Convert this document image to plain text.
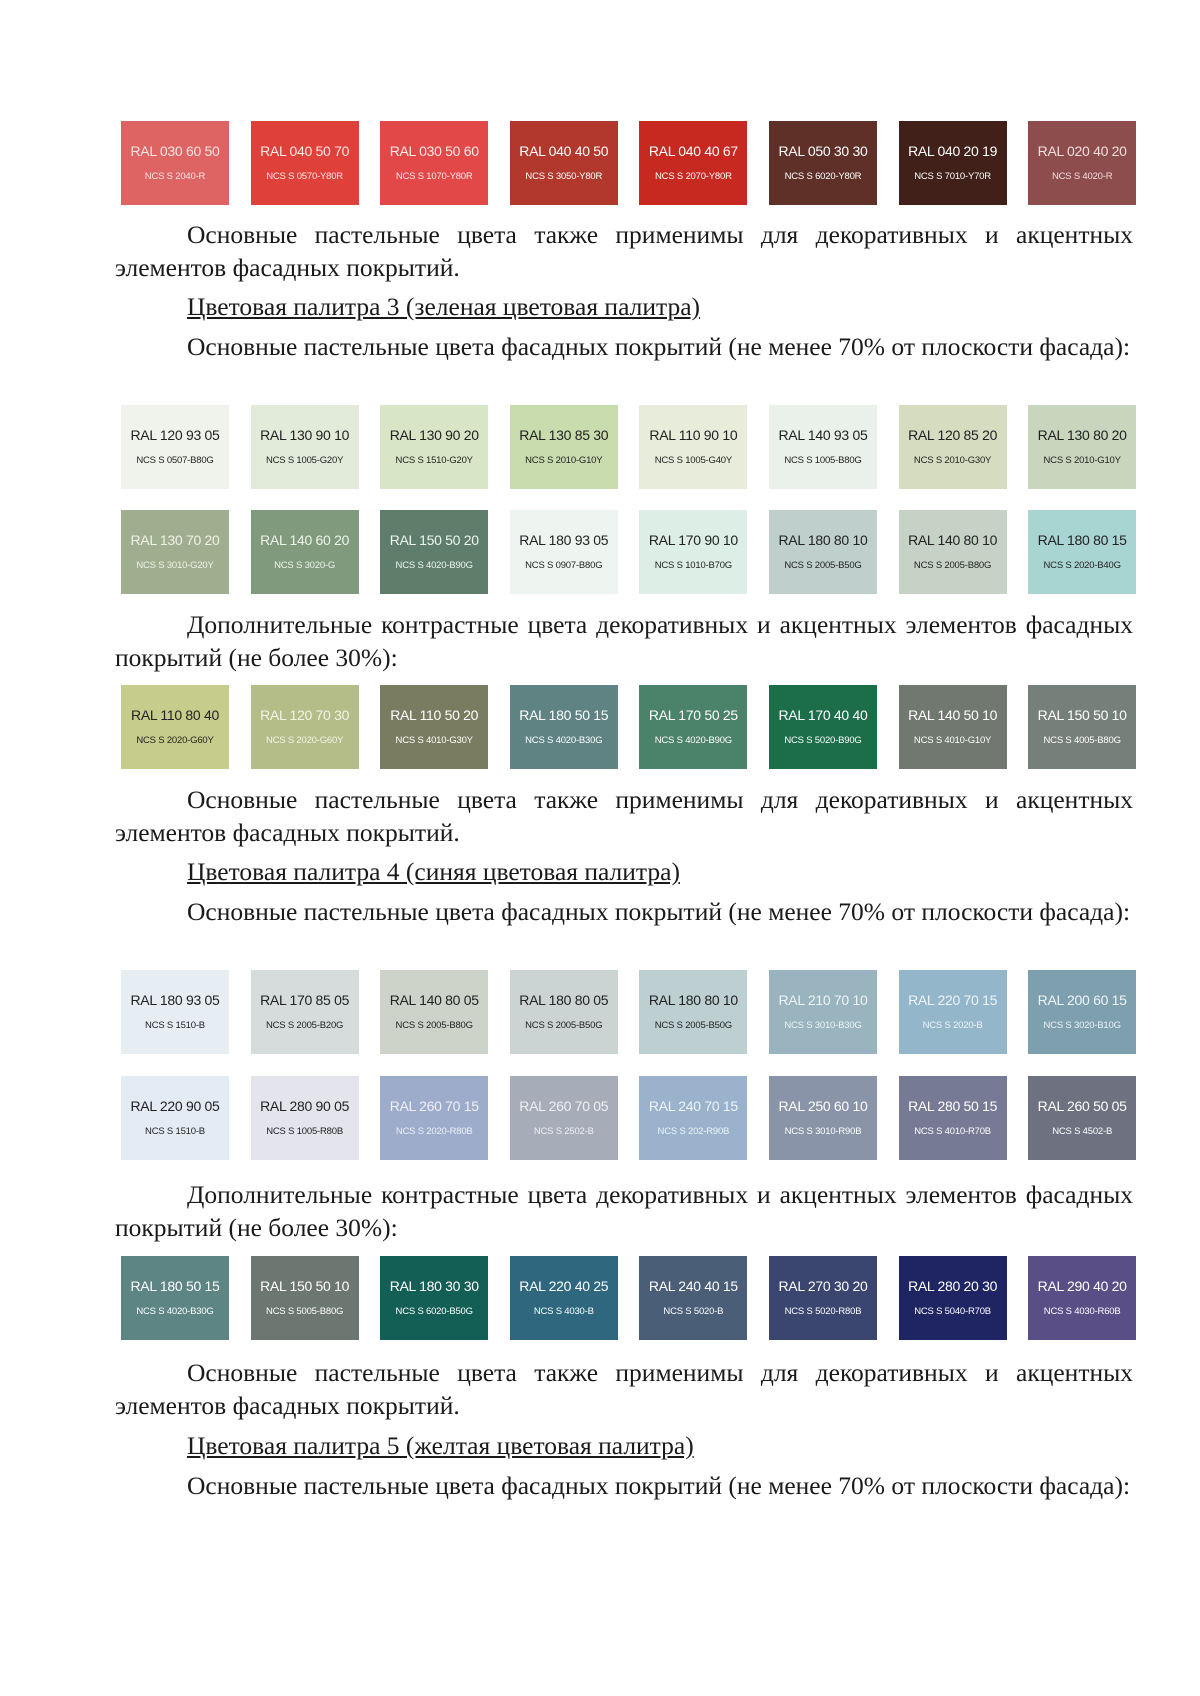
RAL 030 60 50
NCS S 2040-R
RAL 040 50 70
NCS S 0570-Y80R
RAL 030 50 60
NCS S 1070-Y80R
RAL 040 40 50
NCS S 3050-Y80R
RAL 040 40 67
NCS S 2070-Y80R
RAL 050 30 30
NCS S 6020-Y80R
RAL 040 20 19
NCS S 7010-Y70R
RAL 020 40 20
NCS S 4020-R
Основные пастельные цвета также применимы для декоративных и акцентных элементов фасадных покрытий.
Цветовая палитра 3 (зеленая цветовая палитра)
Основные пастельные цвета фасадных покрытий (не менее 70% от плоскости фасада):
RAL 120 93 05
NCS S 0507-B80G
RAL 130 90 10
NCS S 1005-G20Y
RAL 130 90 20
NCS S 1510-G20Y
RAL 130 85 30
NCS S 2010-G10Y
RAL 110 90 10
NCS S 1005-G40Y
RAL 140 93 05
NCS S 1005-B80G
RAL 120 85 20
NCS S 2010-G30Y
RAL 130 80 20
NCS S 2010-G10Y
RAL 130 70 20
NCS S 3010-G20Y
RAL 140 60 20
NCS S 3020-G
RAL 150 50 20
NCS S 4020-B90G
RAL 180 93 05
NCS S 0907-B80G
RAL 170 90 10
NCS S 1010-B70G
RAL 180 80 10
NCS S 2005-B50G
RAL 140 80 10
NCS S 2005-B80G
RAL 180 80 15
NCS S 2020-B40G
Дополнительные контрастные цвета декоративных и акцентных элементов фасадных покрытий (не более 30%):
RAL 110 80 40
NCS S 2020-G60Y
RAL 120 70 30
NCS S 2020-G60Y
RAL 110 50 20
NCS S 4010-G30Y
RAL 180 50 15
NCS S 4020-B30G
RAL 170 50 25
NCS S 4020-B90G
RAL 170 40 40
NCS S 5020-B90G
RAL 140 50 10
NCS S 4010-G10Y
RAL 150 50 10
NCS S 4005-B80G
Основные пастельные цвета также применимы для декоративных и акцентных элементов фасадных покрытий.
Цветовая палитра 4 (синяя цветовая палитра)
Основные пастельные цвета фасадных покрытий (не менее 70% от плоскости фасада):
RAL 180 93 05
NCS S 1510-B
RAL 170 85 05
NCS S 2005-B20G
RAL 140 80 05
NCS S 2005-B80G
RAL 180 80 05
NCS S 2005-B50G
RAL 180 80 10
NCS S 2005-B50G
RAL 210 70 10
NCS S 3010-B30G
RAL 220 70 15
NCS S 2020-B
RAL 200 60 15
NCS S 3020-B10G
RAL 220 90 05
NCS S 1510-B
RAL 280 90 05
NCS S 1005-R80B
RAL 260 70 15
NCS S 2020-R80B
RAL 260 70 05
NCS S 2502-B
RAL 240 70 15
NCS S 202-R90B
RAL 250 60 10
NCS S 3010-R90B
RAL 280 50 15
NCS S 4010-R70B
RAL 260 50 05
NCS S 4502-B
Дополнительные контрастные цвета декоративных и акцентных элементов фасадных покрытий (не более 30%):
RAL 180 50 15
NCS S 4020-B30G
RAL 150 50 10
NCS S 5005-B80G
RAL 180 30 30
NCS S 6020-B50G
RAL 220 40 25
NCS S 4030-B
RAL 240 40 15
NCS S 5020-B
RAL 270 30 20
NCS S 5020-R80B
RAL 280 20 30
NCS S 5040-R70B
RAL 290 40 20
NCS S 4030-R60B
Основные пастельные цвета также применимы для декоративных и акцентных элементов фасадных покрытий.
Цветовая палитра 5 (желтая цветовая палитра)
Основные пастельные цвета фасадных покрытий (не менее 70% от плоскости фасада):
